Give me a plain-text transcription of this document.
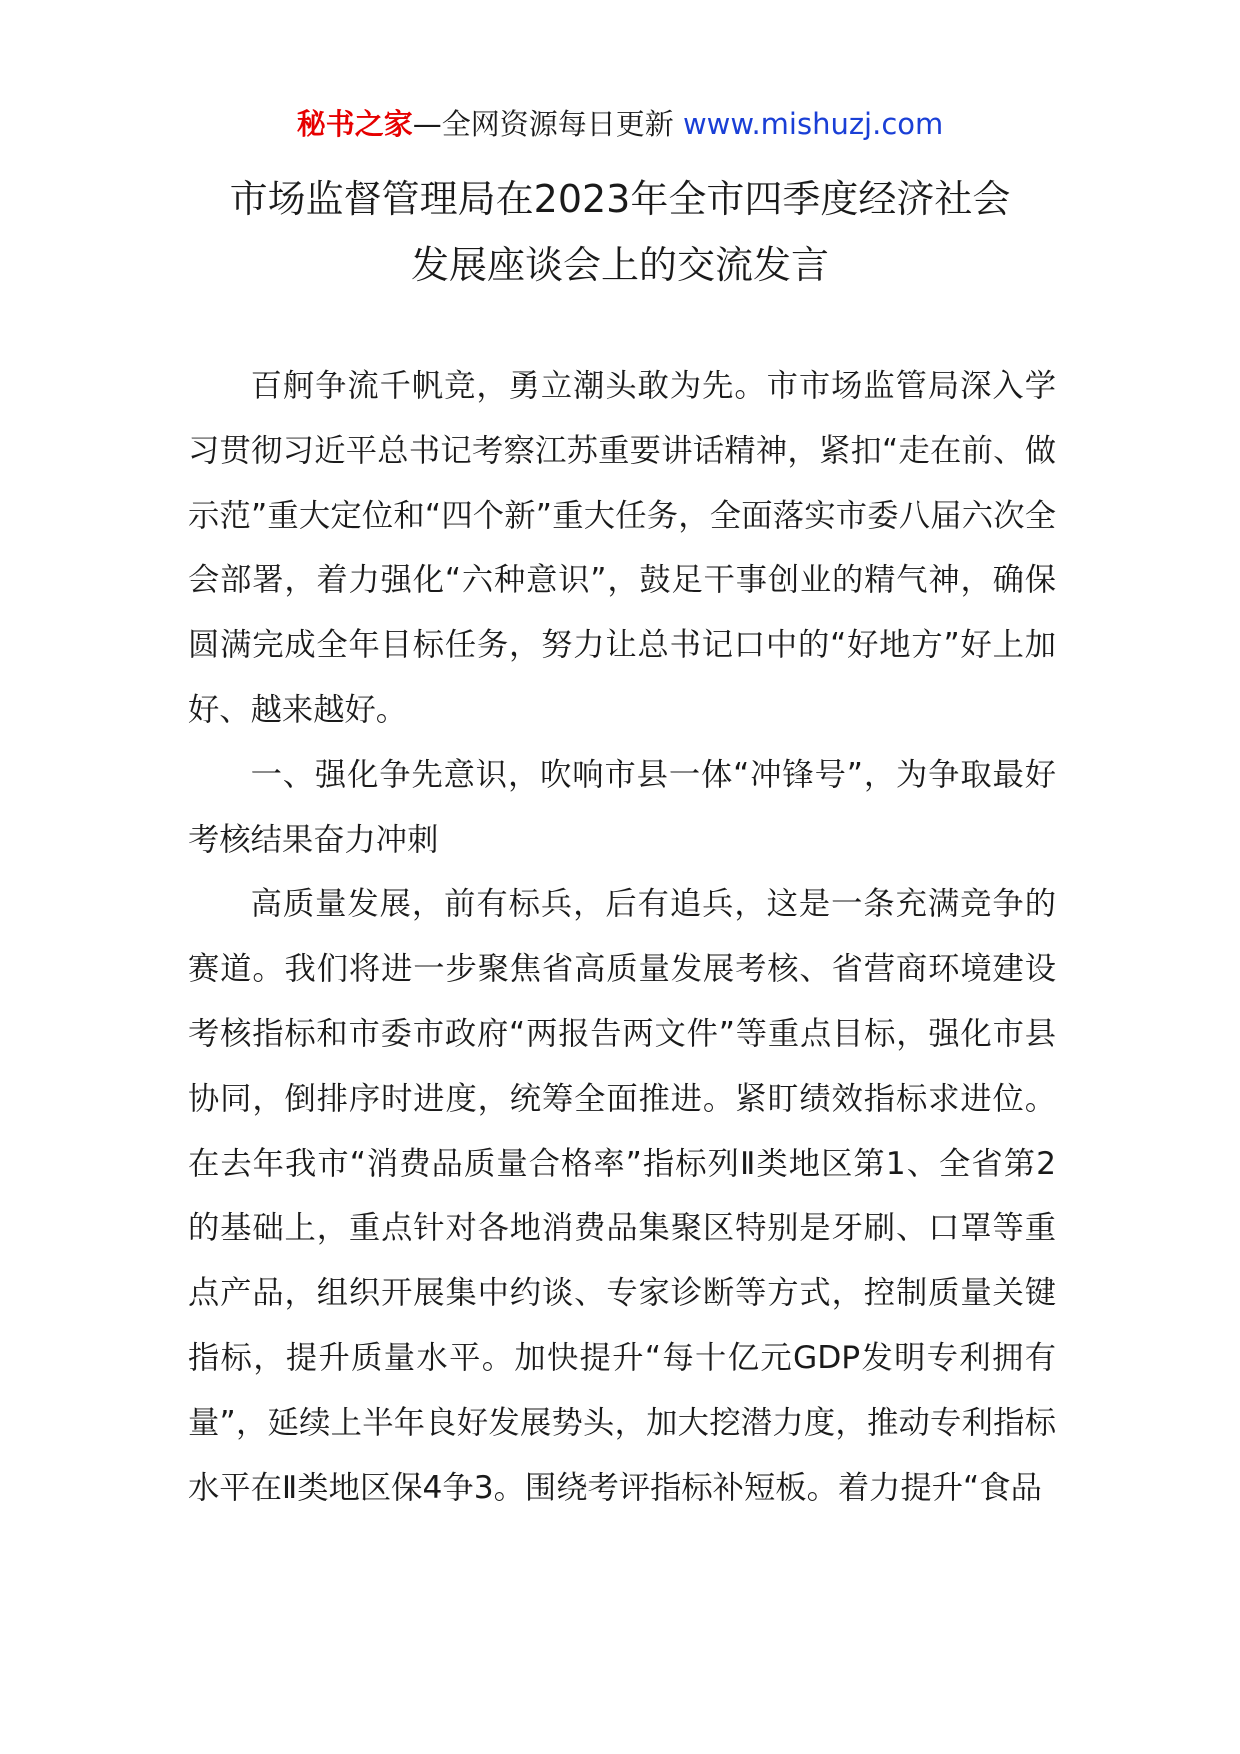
秘书之家—全网资源每日更新 www.mishuzj.com
市场监督管理局在2023年全市四季度经济社会
发展座谈会上的交流发言

百舸争流千帆竞，勇立潮头敢为先。市市场监管局深入学习贯彻习近平总书记考察江苏重要讲话精神，紧扣“走在前、做示范”重大定位和“四个新”重大任务，全面落实市委八届六次全会部署，着力强化“六种意识”，鼓足干事创业的精气神，确保圆满完成全年目标任务，努力让总书记口中的“好地方”好上加好、越来越好。

一、强化争先意识，吹响市县一体“冲锋号”，为争取最好考核结果奋力冲刺

高质量发展，前有标兵，后有追兵，这是一条充满竞争的赛道。我们将进一步聚焦省高质量发展考核、省营商环境建设考核指标和市委市政府“两报告两文件”等重点目标，强化市县协同，倒排序时进度，统筹全面推进。紧盯绩效指标求进位。在去年我市“消费品质量合格率”指标列Ⅱ类地区第1、全省第2的基础上，重点针对各地消费品集聚区特别是牙刷、口罩等重点产品，组织开展集中约谈、专家诊断等方式，控制质量关键指标，提升质量水平。加快提升“每十亿元GDP发明专利拥有量”，延续上半年良好发展势头，加大挖潜力度，推动专利指标水平在Ⅱ类地区保4争3。围绕考评指标补短板。着力提升“食品
